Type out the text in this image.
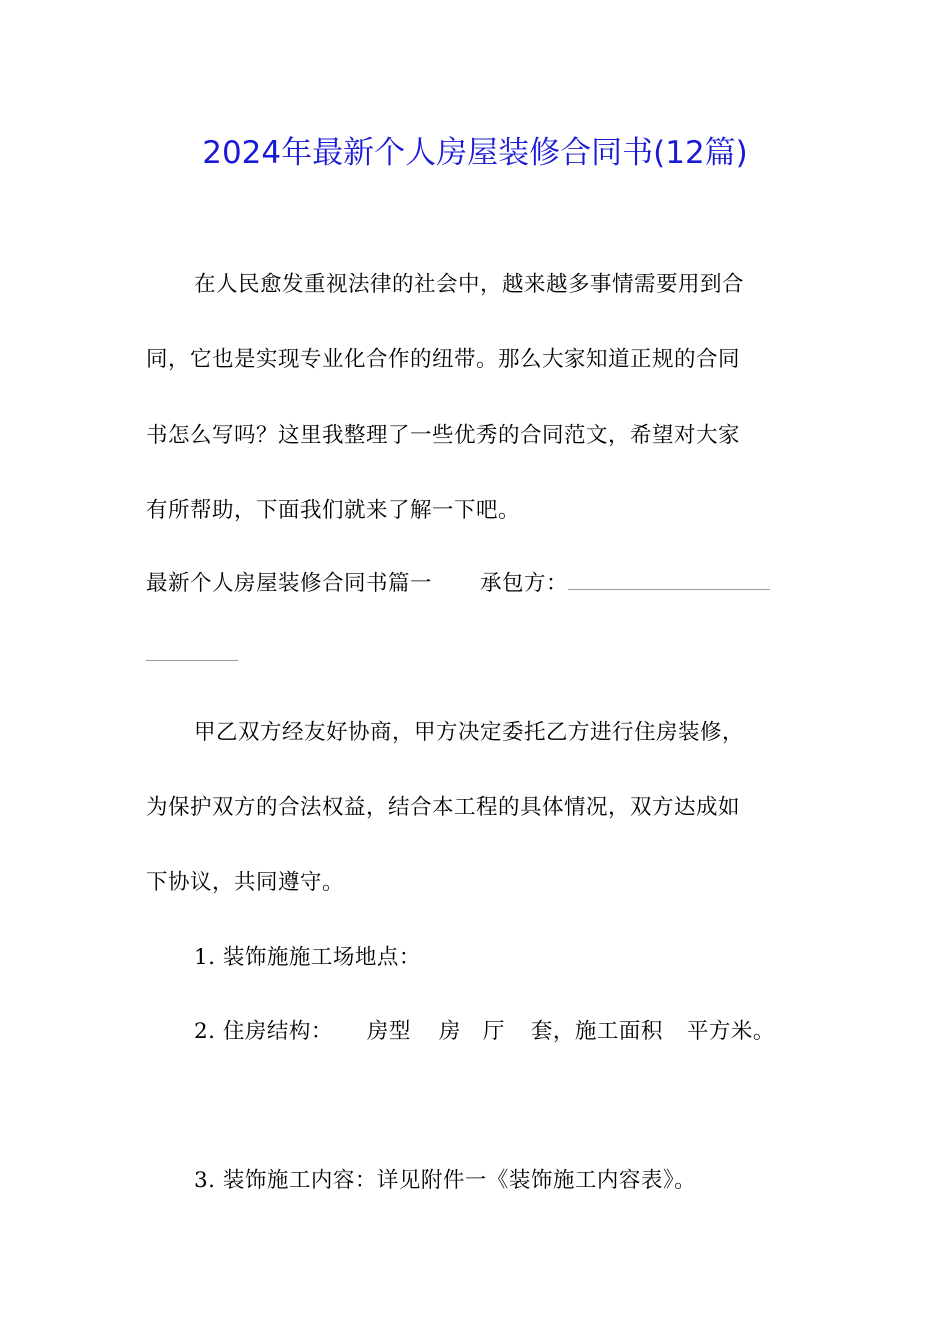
2024年最新个人房屋装修合同书(12篇)
在人民愈发重视法律的社会中，越来越多事情需要用到合
同，它也是实现专业化合作的纽带。那么大家知道正规的合同
书怎么写吗？这里我整理了一些优秀的合同范文，希望对大家
有所帮助，下面我们就来了解一下吧。
最新个人房屋装修合同书篇一 承包方：
甲乙双方经友好协商，甲方决定委托乙方进行住房装修，
为保护双方的合法权益，结合本工程的具体情况，双方达成如
下协议，共同遵守。
1. 装饰施施工场地点：
2. 住房结构： 房型 房 厅 套，施工面积 平方米。
3. 装饰施工内容：详见附件一《装饰施工内容表》。
